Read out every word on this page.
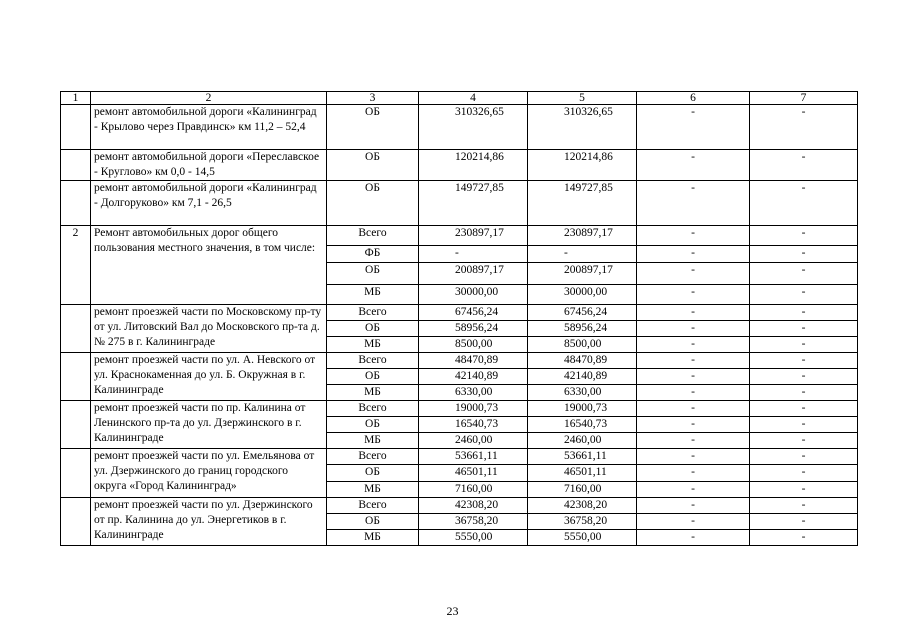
1	2	3	4	5	6	7
	ремонт автомобильной дороги «Калининград - Крылово через Правдинск» км 11,2 – 52,4	ОБ	310326,65	310326,65	-	-
	ремонт автомобильной дороги «Переславское - Круглово» км 0,0 - 14,5	ОБ	120214,86	120214,86	-	-
	ремонт автомобильной дороги «Калининград - Долгоруково» км 7,1 - 26,5	ОБ	149727,85	149727,85	-	-
2	Ремонт автомобильных дорог общего пользования местного значения, в том числе:	Всего	230897,17	230897,17	-	-
		ФБ	-	-	-	-
		ОБ	200897,17	200897,17	-	-
		МБ	30000,00	30000,00	-	-
	ремонт проезжей части по Московскому пр-ту от ул. Литовский Вал до Московского пр-та д. № 275 в г. Калининграде	Всего	67456,24	67456,24	-	-
		ОБ	58956,24	58956,24	-	-
		МБ	8500,00	8500,00	-	-
	ремонт проезжей части по ул. А. Невского от ул. Краснокаменная до ул. Б. Окружная в г. Калининграде	Всего	48470,89	48470,89	-	-
		ОБ	42140,89	42140,89	-	-
		МБ	6330,00	6330,00	-	-
	ремонт проезжей части по пр. Калинина от Ленинского пр-та до ул. Дзержинского в г. Калининграде	Всего	19000,73	19000,73	-	-
		ОБ	16540,73	16540,73	-	-
		МБ	2460,00	2460,00	-	-
	ремонт проезжей части по ул. Емельянова от ул. Дзержинского до границ городского округа «Город Калининград»	Всего	53661,11	53661,11	-	-
		ОБ	46501,11	46501,11	-	-
		МБ	7160,00	7160,00	-	-
	ремонт проезжей части по ул. Дзержинского от пр. Калинина до ул. Энергетиков в г. Калининграде	Всего	42308,20	42308,20	-	-
		ОБ	36758,20	36758,20	-	-
		МБ	5550,00	5550,00	-	-
23
